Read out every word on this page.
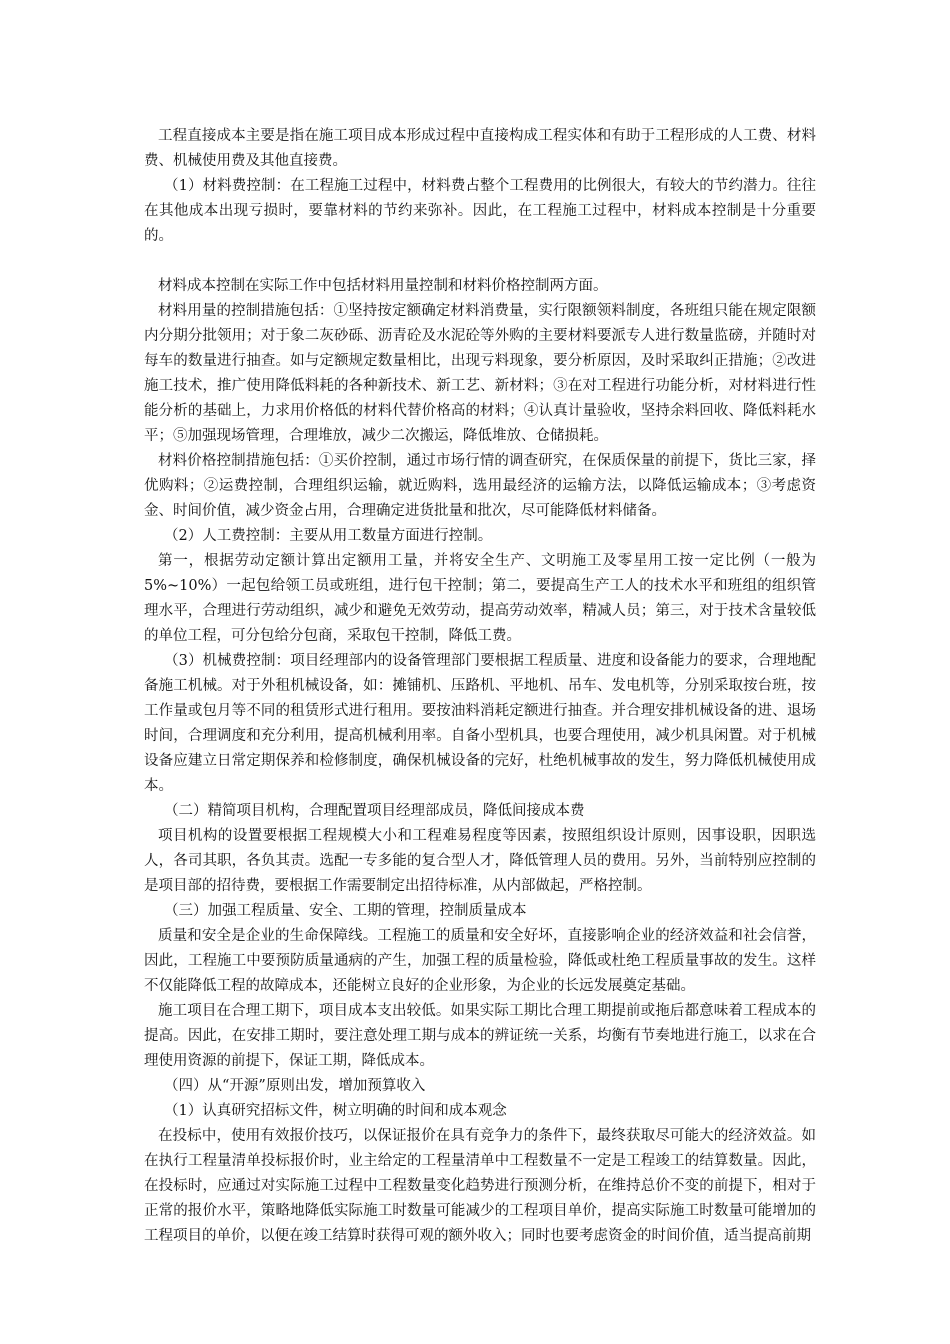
工程直接成本主要是指在施工项目成本形成过程中直接构成工程实体和有助于工程形成的人工费、材料费、机械使用费及其他直接费。

（1）材料费控制：在工程施工过程中，材料费占整个工程费用的比例很大，有较大的节约潜力。往往在其他成本出现亏损时，要靠材料的节约来弥补。因此，在工程施工过程中，材料成本控制是十分重要的。

材料成本控制在实际工作中包括材料用量控制和材料价格控制两方面。

材料用量的控制措施包括：①坚持按定额确定材料消费量，实行限额领料制度，各班组只能在规定限额内分期分批领用；对于象二灰砂砾、沥青砼及水泥砼等外购的主要材料要派专人进行数量监磅，并随时对每车的数量进行抽查。如与定额规定数量相比，出现亏料现象，要分析原因，及时采取纠正措施；②改进施工技术，推广使用降低料耗的各种新技术、新工艺、新材料；③在对工程进行功能分析，对材料进行性能分析的基础上，力求用价格低的材料代替价格高的材料；④认真计量验收，坚持余料回收、降低料耗水平；⑤加强现场管理，合理堆放，减少二次搬运，降低堆放、仓储损耗。

材料价格控制措施包括：①买价控制，通过市场行情的调查研究，在保质保量的前提下，货比三家，择优购料；②运费控制，合理组织运输，就近购料，选用最经济的运输方法，以降低运输成本；③考虑资金、时间价值，减少资金占用，合理确定进货批量和批次，尽可能降低材料储备。

（2）人工费控制：主要从用工数量方面进行控制。

第一，根据劳动定额计算出定额用工量，并将安全生产、文明施工及零星用工按一定比例（一般为5%~10%）一起包给领工员或班组，进行包干控制；第二，要提高生产工人的技术水平和班组的组织管理水平，合理进行劳动组织，减少和避免无效劳动，提高劳动效率，精减人员；第三，对于技术含量较低的单位工程，可分包给分包商，采取包干控制，降低工费。

（3）机械费控制：项目经理部内的设备管理部门要根据工程质量、进度和设备能力的要求，合理地配备施工机械。对于外租机械设备，如：摊铺机、压路机、平地机、吊车、发电机等，分别采取按台班，按工作量或包月等不同的租赁形式进行租用。要按油料消耗定额进行抽查。并合理安排机械设备的进、退场时间，合理调度和充分利用，提高机械利用率。自备小型机具，也要合理使用，减少机具闲置。对于机械设备应建立日常定期保养和检修制度，确保机械设备的完好，杜绝机械事故的发生，努力降低机械使用成本。

（二）精简项目机构，合理配置项目经理部成员，降低间接成本费

项目机构的设置要根据工程规模大小和工程难易程度等因素，按照组织设计原则，因事设职，因职选人，各司其职，各负其责。选配一专多能的复合型人才，降低管理人员的费用。另外，当前特别应控制的是项目部的招待费，要根据工作需要制定出招待标准，从内部做起，严格控制。

（三）加强工程质量、安全、工期的管理，控制质量成本

质量和安全是企业的生命保障线。工程施工的质量和安全好坏，直接影响企业的经济效益和社会信誉，因此，工程施工中要预防质量通病的产生，加强工程的质量检验，降低或杜绝工程质量事故的发生。这样不仅能降低工程的故障成本，还能树立良好的企业形象，为企业的长远发展奠定基础。

施工项目在合理工期下，项目成本支出较低。如果实际工期比合理工期提前或拖后都意味着工程成本的提高。因此，在安排工期时，要注意处理工期与成本的辨证统一关系，均衡有节奏地进行施工，以求在合理使用资源的前提下，保证工期，降低成本。

（四）从“开源”原则出发，增加预算收入

（1）认真研究招标文件，树立明确的时间和成本观念

在投标中，使用有效报价技巧，以保证报价在具有竞争力的条件下，最终获取尽可能大的经济效益。如在执行工程量清单投标报价时，业主给定的工程量清单中工程数量不一定是工程竣工的结算数量。因此，在投标时，应通过对实际施工过程中工程数量变化趋势进行预测分析，在维持总价不变的前提下，相对于正常的报价水平，策略地降低实际施工时数量可能减少的工程项目单价，提高实际施工时数量可能增加的工程项目的单价，以便在竣工结算时获得可观的额外收入；同时也要考虑资金的时间价值，适当提高前期
